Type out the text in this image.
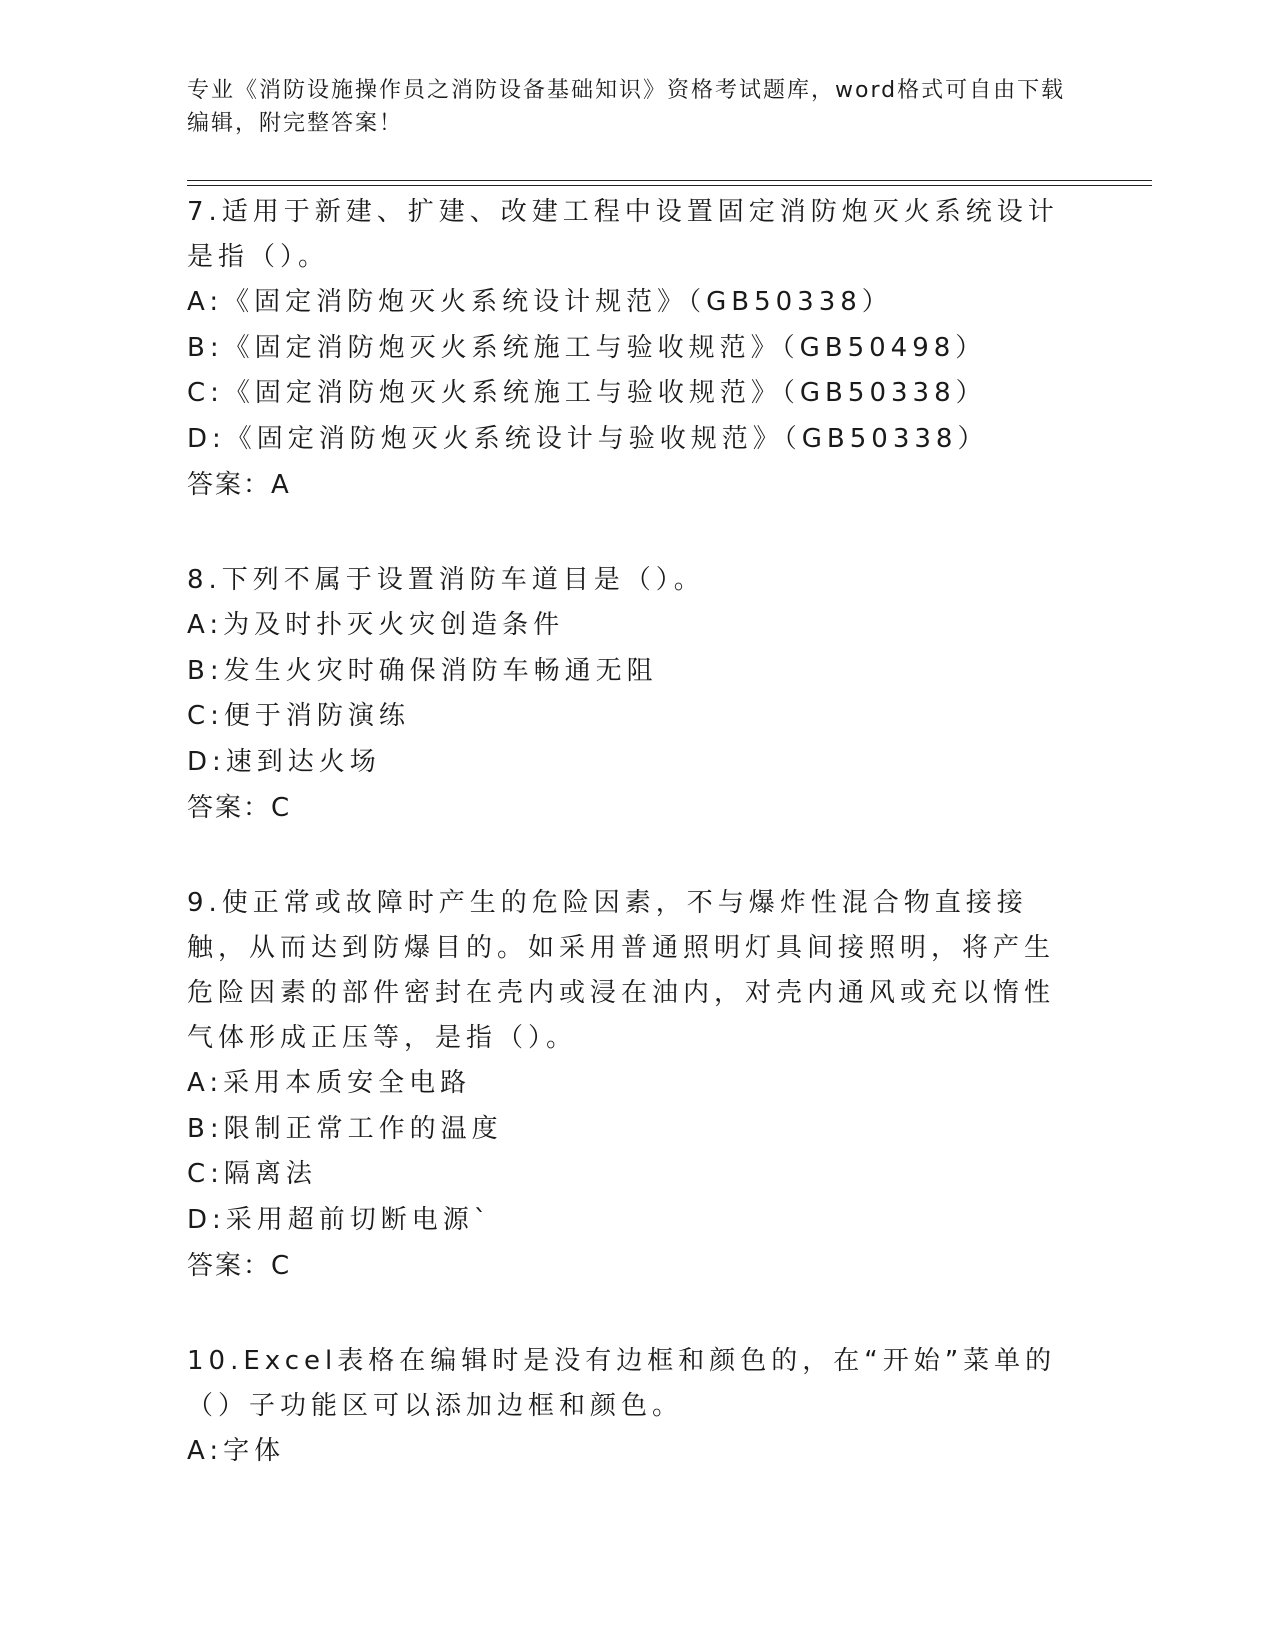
专业《消防设施操作员之消防设备基础知识》资格考试题库，word格式可自由下载编辑，附完整答案！
7.适用于新建、扩建、改建工程中设置固定消防炮灭火系统设计是指（）。
A:《固定消防炮灭火系统设计规范》（GB50338）
B:《固定消防炮灭火系统施工与验收规范》（GB50498）
C:《固定消防炮灭火系统施工与验收规范》（GB50338）
D:《固定消防炮灭火系统设计与验收规范》（GB50338）
答案：A
8.下列不属于设置消防车道目是（）。
A:为及时扑灭火灾创造条件
B:发生火灾时确保消防车畅通无阻
C:便于消防演练
D:速到达火场
答案：C
9.使正常或故障时产生的危险因素，不与爆炸性混合物直接接触，从而达到防爆目的。如采用普通照明灯具间接照明，将产生危险因素的部件密封在壳内或浸在油内，对壳内通风或充以惰性气体形成正压等，是指（）。
A:采用本质安全电路
B:限制正常工作的温度
C:隔离法
D:采用超前切断电源`
答案：C
10.Excel表格在编辑时是没有边框和颜色的，在“开始”菜单的（）子功能区可以添加边框和颜色。
A:字体
